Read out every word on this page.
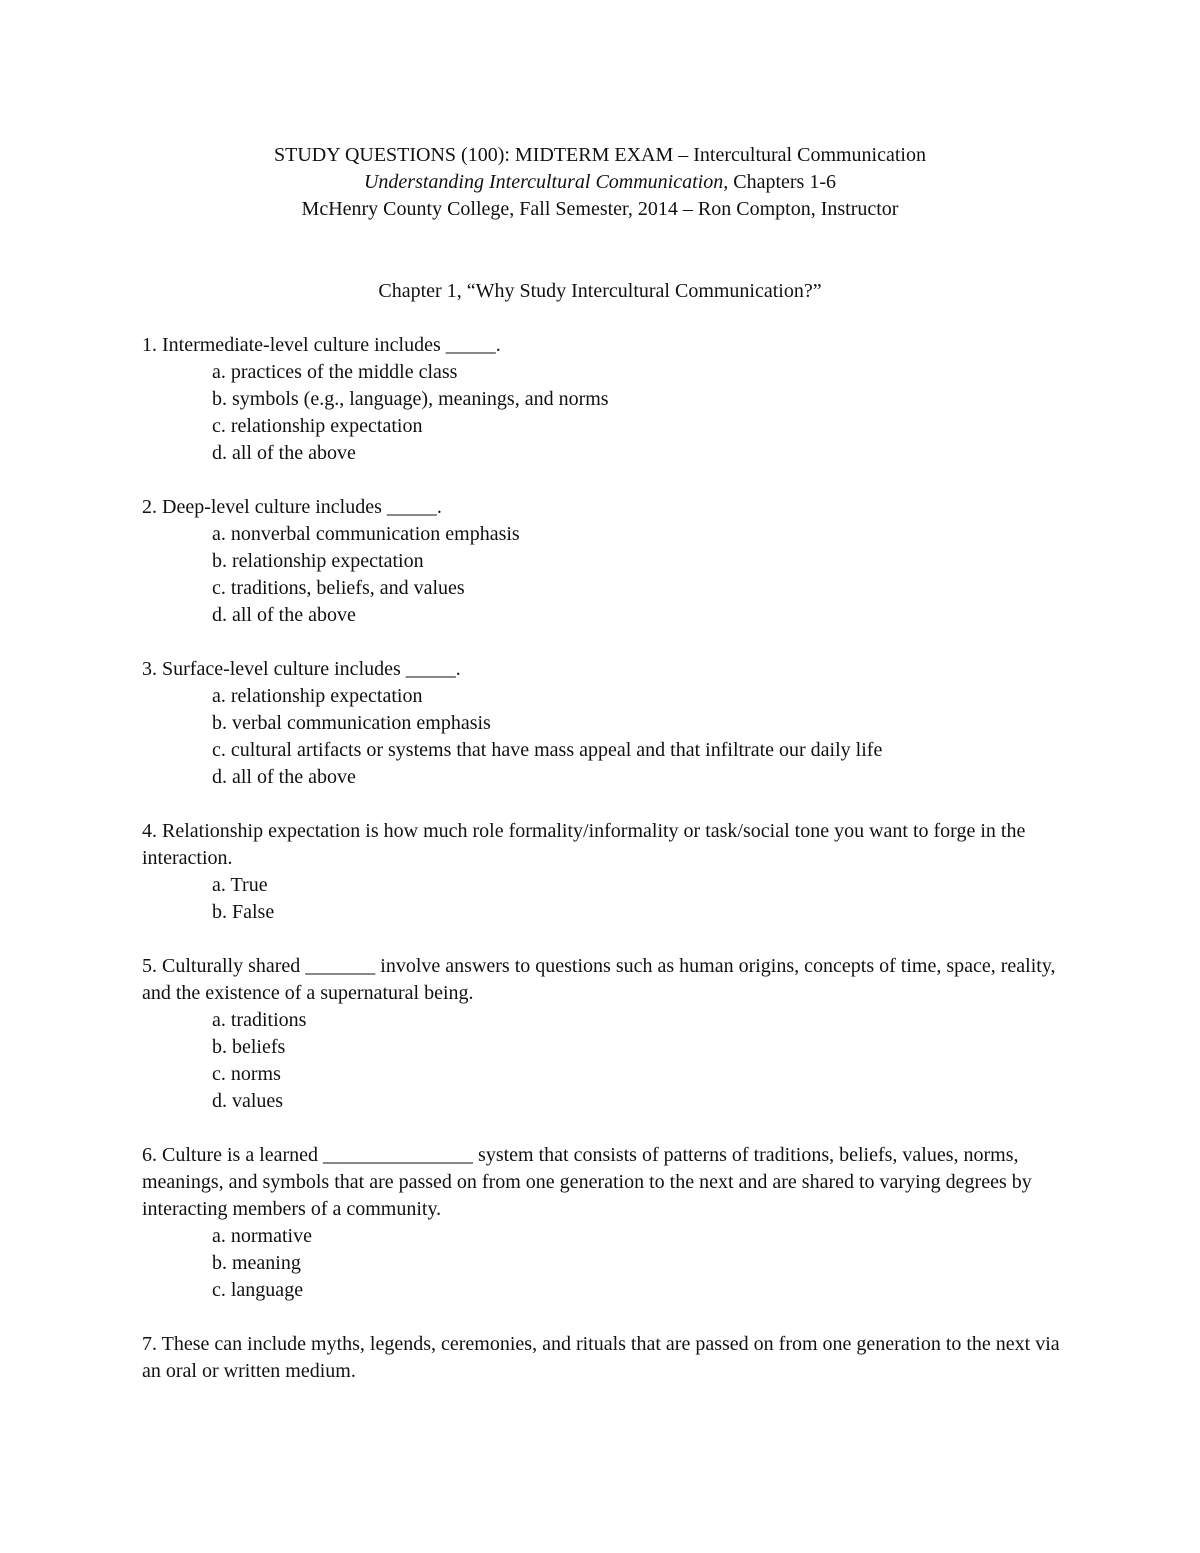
STUDY QUESTIONS (100): MIDTERM EXAM – Intercultural Communication
Understanding Intercultural Communication, Chapters 1-6
McHenry County College, Fall Semester, 2014 – Ron Compton, Instructor
Chapter 1, “Why Study Intercultural Communication?”
1. Intermediate-level culture includes _____.
a. practices of the middle class
b. symbols (e.g., language), meanings, and norms
c. relationship expectation
d. all of the above
2. Deep-level culture includes _____.
a. nonverbal communication emphasis
b. relationship expectation
c. traditions, beliefs, and values
d. all of the above
3. Surface-level culture includes _____.
a. relationship expectation
b. verbal communication emphasis
c. cultural artifacts or systems that have mass appeal and that infiltrate our daily life
d. all of the above
4. Relationship expectation is how much role formality/informality or task/social tone you want to forge in the interaction.
a. True
b. False
5. Culturally shared _______ involve answers to questions such as human origins, concepts of time, space, reality, and the existence of a supernatural being.
a. traditions
b. beliefs
c. norms
d. values
6. Culture is a learned _______________ system that consists of patterns of traditions, beliefs, values, norms, meanings, and symbols that are passed on from one generation to the next and are shared to varying degrees by interacting members of a community.
a. normative
b. meaning
c. language
7. These can include myths, legends, ceremonies, and rituals that are passed on from one generation to the next via an oral or written medium.
